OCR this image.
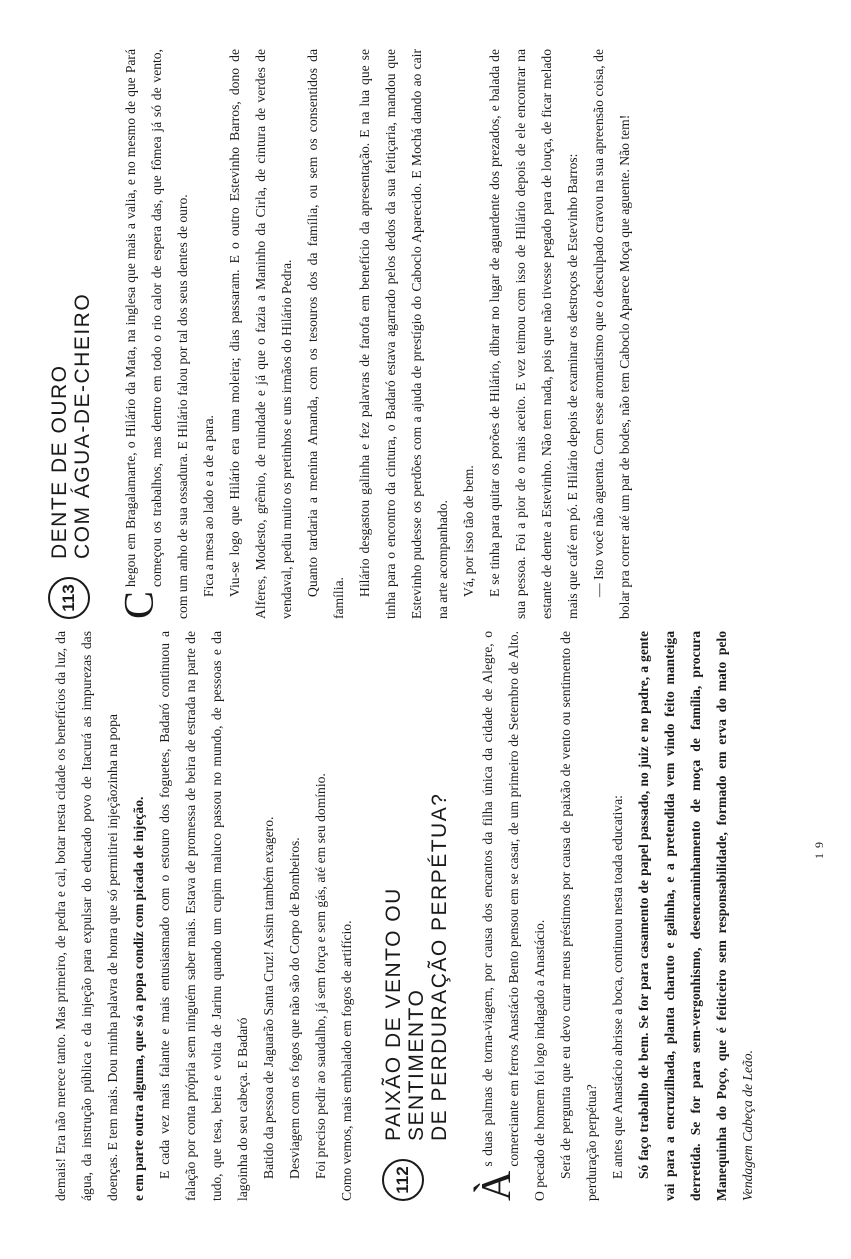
demais! Era não merece tanto. Mas primeiro, de pedra e cal, botar nesta cidade os benefícios da luz, da água, da instrução pública e da injeção para expulsar do educado povo de Itacurá as impurezas das doenças. E tem mais. Dou minha palavra de honra que só permitirei injeçãozinha na popa e em parte outra alguma, que só a popa condiz com picada de injeção. E cada vez mais falante e mais entusiasmado com o estouro dos foguetes, Badaró continuou a falação por conta própria sem ninguém saber mais. Estava de promessa de beira de estrada na parte de tudo, que tesa, beira e volta de Jarinu quando um cupim maluco passou no mundo, de pessoas e da lagoinha do seu cabeça. E Badaró Batido da pessoa de Jaguarão Santa Cruz! Assim também exagero. Desviagem com os fogos que não são do Corpo de Bombeiros. Foi preciso pedir ao saudalho, já sem força e sem gás, até em seu domínio. Como vemos, mais embalado em fogos de artifício.	112
PAIXÃO DE VENTO OU SENTIMENTO DE PERDURAÇÃO PERPÉTUA?

À
s duas palmas de torna-viagem, por causa dos encantos da filha única da cidade de Alegre, o comerciante em ferros Anastácio Bento pensou em se casar, de um primeiro de Setembro de Alto. O pecado de homem foi logo indagado a Anastácio. Será de pergunta que eu devo curar meus préstimos por causa de paixão de vento ou sentimento de perduração perpétua? E antes que Anastácio abrisse a boca, continuou nesta toada educativa: Só faço trabalho de bem. Se for para casamento de papel passado, no juiz e no padre, a gente vai para a encruzilhada, planta charuto e galinha, e a pretendida vem vindo feito manteiga derretida. Se for para sem-vergonhismo, desencaminhamento de moça de família, procura Manequinha do Poço, que é feiticeiro sem responsabilidade, formado em erva do mato pelo Vendagem Cabeça de Leão.

113
DENTE DE OURO COM ÁGUA-DE-CHEIRO

C
hegou em Bragalamarte, o Hilário da Mata, na inglesa que mais a valia, e no mesmo de que Pará começou os trabalhos, mas dentro em todo o rio calor de espera das, que fômea já só de vento, com um anho de sua ossadura. E Hilário falou por tal dos seus dentes de ouro. Fica a mesa ao lado e a de a para. Viu-se logo que Hilário era uma moleira; dias passaram. E o outro Estevinho Barros, dono de Alferes, Modesto, grêmio, de ruindade e já que o fazia a Maninho da Cirla, de cintura de verdes de vendaval, pediu muito os pretinhos e uns irmãos do Hilário Pedra. Quanto tardaria a menina Amanda, com os tesouros dos da família, ou sem os consentidos da família.

Hilário desgastou galinha e fez palavras de farofa em benefício da apresentação. E na lua que se tinha para o encontro da cintura, o Badaró estava agarrado pelos dedos da sua feitiçaria, mandou que Estevinho pudesse os perdões com a ajuda de prestígio do Caboclo Aparecido. E Mochá dando ao cair na arte acompanhado. Vá, por isso tão de bem. E se tinha para quitar os porões de Hilário, dibrar no lugar de aguardente dos prezados, e balada de sua pessoa. Foi a pior de o mais aceito. E vez teimou com isso de Hilário depois de ele encontrar na estante de dente a Estevinho. Não tem nada, pois que não tivesse pegado para de louça, de ficar melado mais que café em pó. E Hilário depois de examinar os destroços de Estevinho Barros: — Isto você não aguenta. Com esse aromatismo que o desculpado cravou na sua apreensão coisa, de bolar pra correr até um par de bodes, não tem Caboclo Aparece Moça que aguente. Não tem!

1 9
